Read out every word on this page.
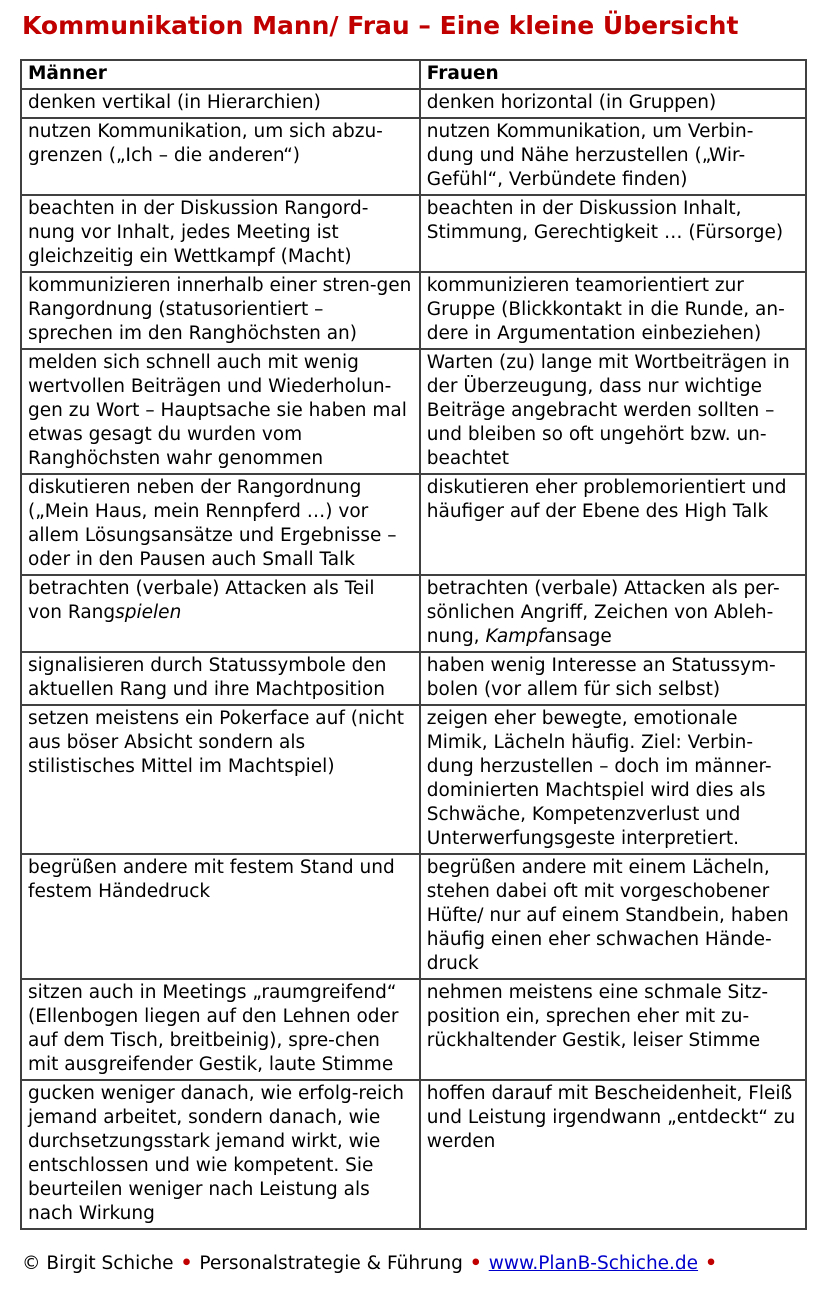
Kommunikation Mann/ Frau – Eine kleine Übersicht
Männer	Frauen
denken vertikal (in Hierarchien)	denken horizontal (in Gruppen)
nutzen Kommunikation, um sich abzu-grenzen („Ich – die anderen“)	nutzen Kommunikation, um Verbin-dung und Nähe herzustellen („Wir-Gefühl“, Verbündete finden)
beachten in der Diskussion Rangord-nung vor Inhalt, jedes Meeting ist gleichzeitig ein Wettkampf (Macht)	beachten in der Diskussion Inhalt, Stimmung, Gerechtigkeit … (Fürsorge)
kommunizieren innerhalb einer stren-gen Rangordnung (statusorientiert – sprechen im den Ranghöchsten an)	kommunizieren teamorientiert zur Gruppe (Blickkontakt in die Runde, an-dere in Argumentation einbeziehen)
melden sich schnell auch mit wenig wertvollen Beiträgen und Wiederholun-gen zu Wort – Hauptsache sie haben mal etwas gesagt du wurden vom Ranghöchsten wahr genommen	Warten (zu) lange mit Wortbeiträgen in der Überzeugung, dass nur wichtige Beiträge angebracht werden sollten – und bleiben so oft ungehört bzw. un-beachtet
diskutieren neben der Rangordnung („Mein Haus, mein Rennpferd …) vor allem Lösungsansätze und Ergebnisse – oder in den Pausen auch Small Talk	diskutieren eher problemorientiert und häufiger auf der Ebene des High Talk
betrachten (verbale) Attacken als Teil von Rangspielen	betrachten (verbale) Attacken als per-sönlichen Angriff, Zeichen von Ableh-nung, Kampfansage
signalisieren durch Statussymbole den aktuellen Rang und ihre Machtposition	haben wenig Interesse an Statussym-bolen (vor allem für sich selbst)
setzen meistens ein Pokerface auf (nicht aus böser Absicht sondern als stilistisches Mittel im Machtspiel)	zeigen eher bewegte, emotionale Mimik, Lächeln häufig. Ziel: Verbin-dung herzustellen – doch im männer-dominierten Machtspiel wird dies als Schwäche, Kompetenzverlust und Unterwerfungsgeste interpretiert.
begrüßen andere mit festem Stand und festem Händedruck	begrüßen andere mit einem Lächeln, stehen dabei oft mit vorgeschobener Hüfte/ nur auf einem Standbein, haben häufig einen eher schwachen Hände-druck
sitzen auch in Meetings „raumgreifend“ (Ellenbogen liegen auf den Lehnen oder auf dem Tisch, breitbeinig), spre-chen mit ausgreifender Gestik, laute Stimme	nehmen meistens eine schmale Sitz-position ein, sprechen eher mit zu-rückhaltender Gestik, leiser Stimme
gucken weniger danach, wie erfolg-reich jemand arbeitet, sondern danach, wie durchsetzungsstark jemand wirkt, wie entschlossen und wie kompetent. Sie beurteilen weniger nach Leistung als nach Wirkung	hoffen darauf mit Bescheidenheit, Fleiß und Leistung irgendwann „entdeckt“ zu werden
© Birgit Schiche • Personalstrategie & Führung • www.PlanB-Schiche.de •
